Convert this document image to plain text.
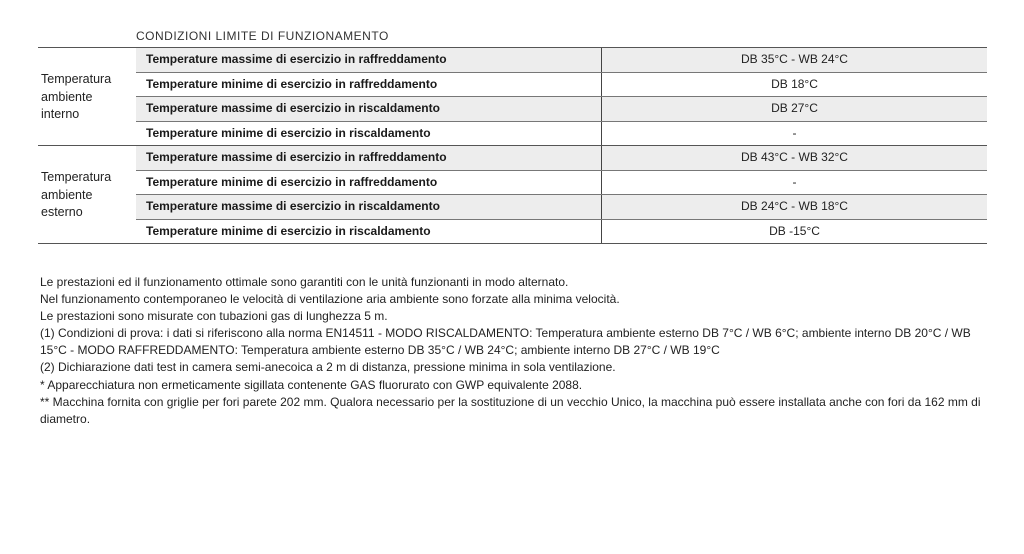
CONDIZIONI LIMITE DI FUNZIONAMENTO
Temperatura ambiente interno
Temperature massime di esercizio in raffreddamento	DB 35°C - WB 24°C
Temperature minime di esercizio in raffreddamento	DB 18°C
Temperature massime di esercizio in riscaldamento	DB 27°C
Temperature minime di esercizio in riscaldamento	-
Temperatura ambiente esterno
Temperature massime di esercizio in raffreddamento	DB 43°C - WB 32°C
Temperature minime di esercizio in raffreddamento	-
Temperature massime di esercizio in riscaldamento	DB 24°C - WB 18°C
Temperature minime di esercizio in riscaldamento	DB -15°C

Le prestazioni ed il funzionamento ottimale sono garantiti con le unità funzionanti in modo alternato.

Nel funzionamento contemporaneo le velocità di ventilazione aria ambiente sono forzate alla minima velocità.

Le prestazioni sono misurate con tubazioni gas di lunghezza 5 m.

(1) Condizioni di prova: i dati si riferiscono alla norma EN14511 - MODO RISCALDAMENTO: Temperatura ambiente esterno DB 7°C / WB 6°C; ambiente interno DB 20°C / WB 15°C - MODO RAFFREDDAMENTO: Temperatura ambiente esterno DB 35°C / WB 24°C; ambiente interno DB 27°C / WB 19°C

(2) Dichiarazione dati test in camera semi-anecoica a 2 m di distanza, pressione minima in sola ventilazione.

* Apparecchiatura non ermeticamente sigillata contenente GAS fluorurato con GWP equivalente 2088.

** Macchina fornita con griglie per fori parete 202 mm. Qualora necessario per la sostituzione di un vecchio Unico, la macchina può essere installata anche con fori da 162 mm di diametro.
